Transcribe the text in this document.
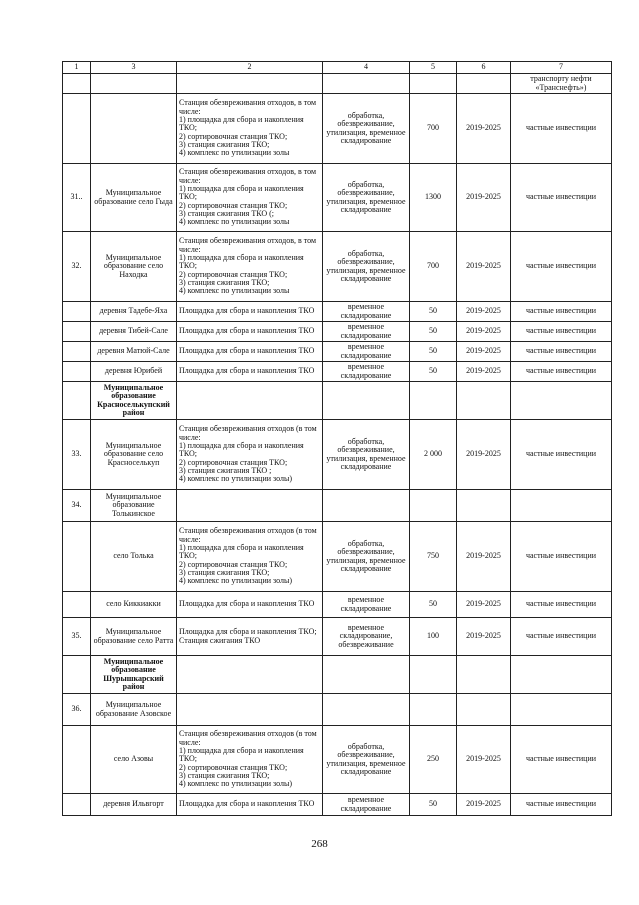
1	3	2	4	5	6	7
						транспорту нефти «Транснефть»)
		Станция обезвреживания отходов, в том числе:
1) площадка для сбора и накопления ТКО;
2) сортировочная станция ТКО;
3) станция сжигания ТКО;
4) комплекс по утилизации золы	обработка, обезвреживание, утилизация, временное складирование	700	2019-2025	частные инвестиции
31..	Муниципальное образование село Гыда	Станция обезвреживания отходов, в том числе:
1) площадка для сбора и накопления ТКО;
2) сортировочная станция ТКО;
3) станция сжигания ТКО (;
4) комплекс по утилизации золы	обработка, обезвреживание, утилизация, временное складирование	1300	2019-2025	частные инвестиции
32.	Муниципальное образование село Находка	Станция обезвреживания отходов, в том числе:
1) площадка для сбора и накопления ТКО;
2) сортировочная станция ТКО;
3) станция сжигания ТКО;
4) комплекс по утилизации золы	обработка, обезвреживание, утилизация, временное складирование	700	2019-2025	частные инвестиции
	деревня Тадебе-Яха	Площадка для сбора и накопления ТКО	временное складирование	50	2019-2025	частные инвестиции
	деревня Тибей-Сале	Площадка для сбора и накопления ТКО	временное складирование	50	2019-2025	частные инвестиции
	деревня Матюй-Сале	Площадка для сбора и накопления ТКО	временное складирование	50	2019-2025	частные инвестиции
	деревня Юрибей	Площадка для сбора и накопления ТКО	временное складирование	50	2019-2025	частные инвестиции
	Муниципальное образование Красноселькупский район					
33.	Муниципальное образование село Красноселькуп	Станция обезвреживания отходов (в том числе:
1) площадка для сбора и накопления ТКО;
2) сортировочная станция ТКО;
3) станция сжигания ТКО ;
4) комплекс по утилизации золы)	обработка, обезвреживание, утилизация, временное складирование	2 000	2019-2025	частные инвестиции
34.	Муниципальное образование Толькинское					
	село Толька	Станция обезвреживания отходов (в том числе:
1) площадка для сбора и накопления ТКО;
2) сортировочная станция ТКО;
3) станция сжигания ТКО;
4) комплекс по утилизации золы)	обработка, обезвреживание, утилизация, временное складирование	750	2019-2025	частные инвестиции
	село Киккиакки	Площадка для сбора и накопления ТКО	временное складирование	50	2019-2025	частные инвестиции
35.	Муниципальное образование село Ратта	Площадка для сбора и накопления ТКО;
Станция сжигания ТКО	временное складирование, обезвреживание	100	2019-2025	частные инвестиции
	Муниципальное образование Шурышкарский район					
36.	Муниципальное образование Азовское					
	село Азовы	Станция обезвреживания отходов (в том числе:
1) площадка для сбора и накопления ТКО;
2) сортировочная станция ТКО;
3) станция сжигания ТКО;
4) комплекс по утилизации золы)	обработка, обезвреживание, утилизация, временное складирование	250	2019-2025	частные инвестиции
	деревня Ильвгорт	Площадка для сбора и накопления ТКО	временное складирование	50	2019-2025	частные инвестиции
268
